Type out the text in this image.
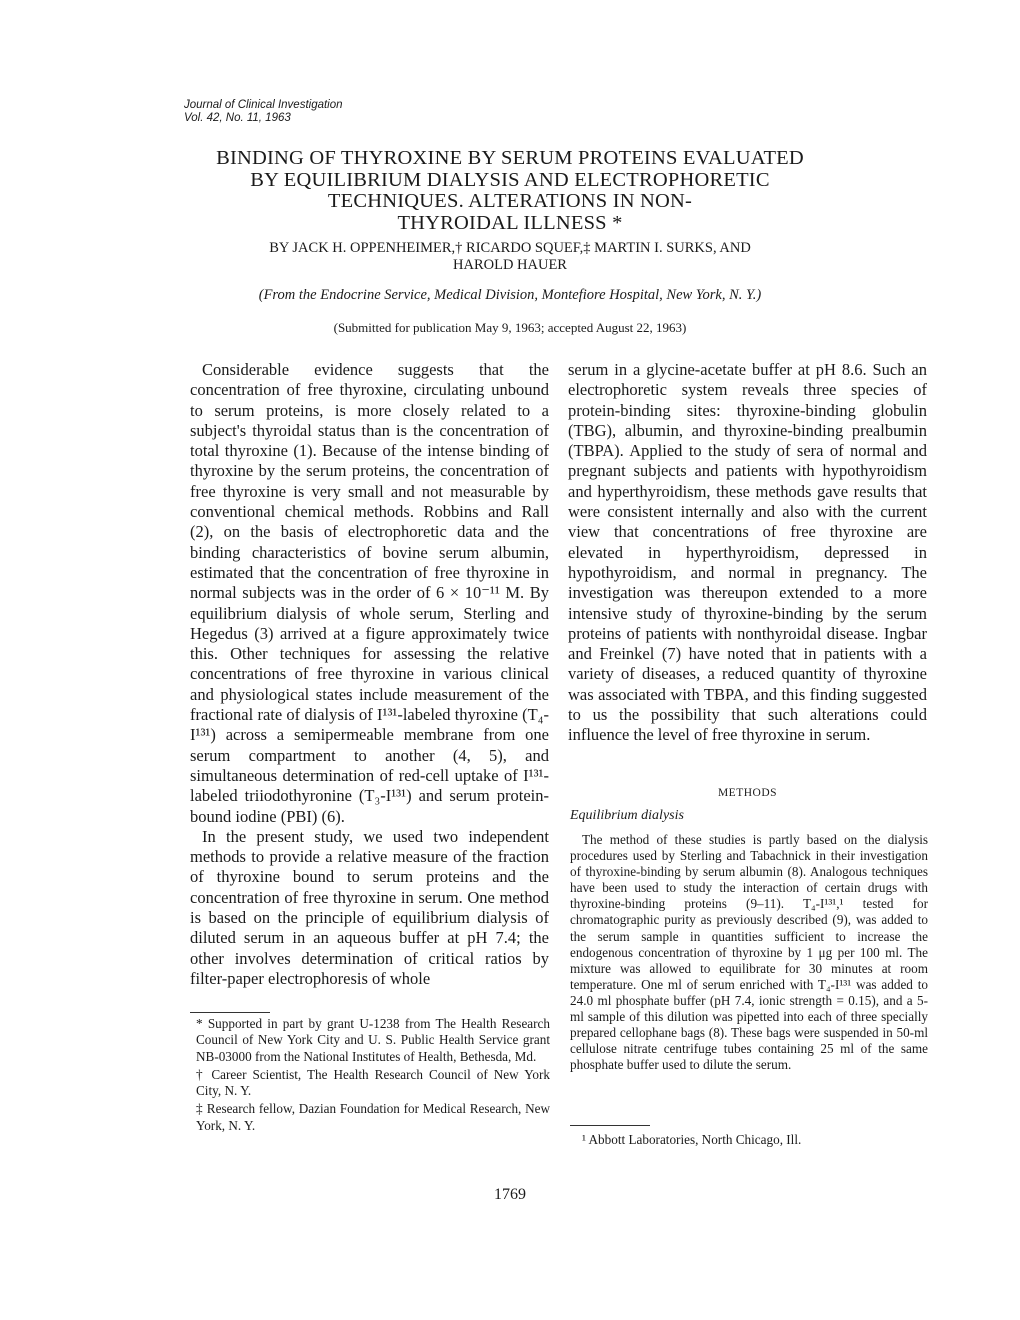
Journal of Clinical Investigation
Vol. 42, No. 11, 1963
BINDING OF THYROXINE BY SERUM PROTEINS EVALUATED
BY EQUILIBRIUM DIALYSIS AND ELECTROPHORETIC
TECHNIQUES. ALTERATIONS IN NON-
THYROIDAL ILLNESS *
BY JACK H. OPPENHEIMER,† RICARDO SQUEF,‡ MARTIN I. SURKS, AND
HAROLD HAUER
(From the Endocrine Service, Medical Division, Montefiore Hospital, New York, N. Y.)
(Submitted for publication May 9, 1963; accepted August 22, 1963)

Considerable evidence suggests that the concentration of free thyroxine, circulating unbound to serum proteins, is more closely related to a subject's thyroidal status than is the concentration of total thyroxine (1). Because of the intense binding of thyroxine by the serum proteins, the concentration of free thyroxine is very small and not measurable by conventional chemical methods. Robbins and Rall (2), on the basis of electrophoretic data and the binding characteristics of bovine serum albumin, estimated that the concentration of free thyroxine in normal subjects was in the order of 6 × 10⁻¹¹ M. By equilibrium dialysis of whole serum, Sterling and Hegedus (3) arrived at a figure approximately twice this. Other techniques for assessing the relative concentrations of free thyroxine in various clinical and physiological states include measurement of the fractional rate of dialysis of I¹³¹-labeled thyroxine (T₄-I¹³¹) across a semipermeable membrane from one serum compartment to another (4, 5), and simultaneous determination of red-cell uptake of I¹³¹-labeled triiodothyronine (T₃-I¹³¹) and serum protein-bound iodine (PBI) (6).

In the present study, we used two independent methods to provide a relative measure of the fraction of thyroxine bound to serum proteins and the concentration of free thyroxine in serum. One method is based on the principle of equilibrium dialysis of diluted serum in an aqueous buffer at pH 7.4; the other involves determination of critical ratios by filter-paper electrophoresis of whole

serum in a glycine-acetate buffer at pH 8.6. Such an electrophoretic system reveals three species of protein-binding sites: thyroxine-binding globulin (TBG), albumin, and thyroxine-binding prealbumin (TBPA). Applied to the study of sera of normal and pregnant subjects and patients with hypothyroidism and hyperthyroidism, these methods gave results that were consistent internally and also with the current view that concentrations of free thyroxine are elevated in hyperthyroidism, depressed in hypothyroidism, and normal in pregnancy. The investigation was thereupon extended to a more intensive study of thyroxine-binding by the serum proteins of patients with nonthyroidal disease. Ingbar and Freinkel (7) have noted that in patients with a variety of diseases, a reduced quantity of thyroxine was associated with TBPA, and this finding suggested to us the possibility that such alterations could influence the level of free thyroxine in serum.
METHODS
Equilibrium dialysis
The method of these studies is partly based on the dialysis procedures used by Sterling and Tabachnick in their investigation of thyroxine-binding by serum albumin (8). Analogous techniques have been used to study the interaction of certain drugs with thyroxine-binding proteins (9–11). T₄-I¹³¹,¹ tested for chromatographic purity as previously described (9), was added to the serum sample in quantities sufficient to increase the endogenous concentration of thyroxine by 1 μg per 100 ml. The mixture was allowed to equilibrate for 30 minutes at room temperature. One ml of serum enriched with T₄-I¹³¹ was added to 24.0 ml phosphate buffer (pH 7.4, ionic strength = 0.15), and a 5-ml sample of this dilution was pipetted into each of three specially prepared cellophane bags (8). These bags were suspended in 50-ml cellulose nitrate centrifuge tubes containing 25 ml of the same phosphate buffer used to dilute the serum.

* Supported in part by grant U-1238 from The Health Research Council of New York City and U. S. Public Health Service grant NB-03000 from the National Institutes of Health, Bethesda, Md.

† Career Scientist, The Health Research Council of New York City, N. Y.

‡ Research fellow, Dazian Foundation for Medical Research, New York, N. Y.

¹ Abbott Laboratories, North Chicago, Ill.
1769
